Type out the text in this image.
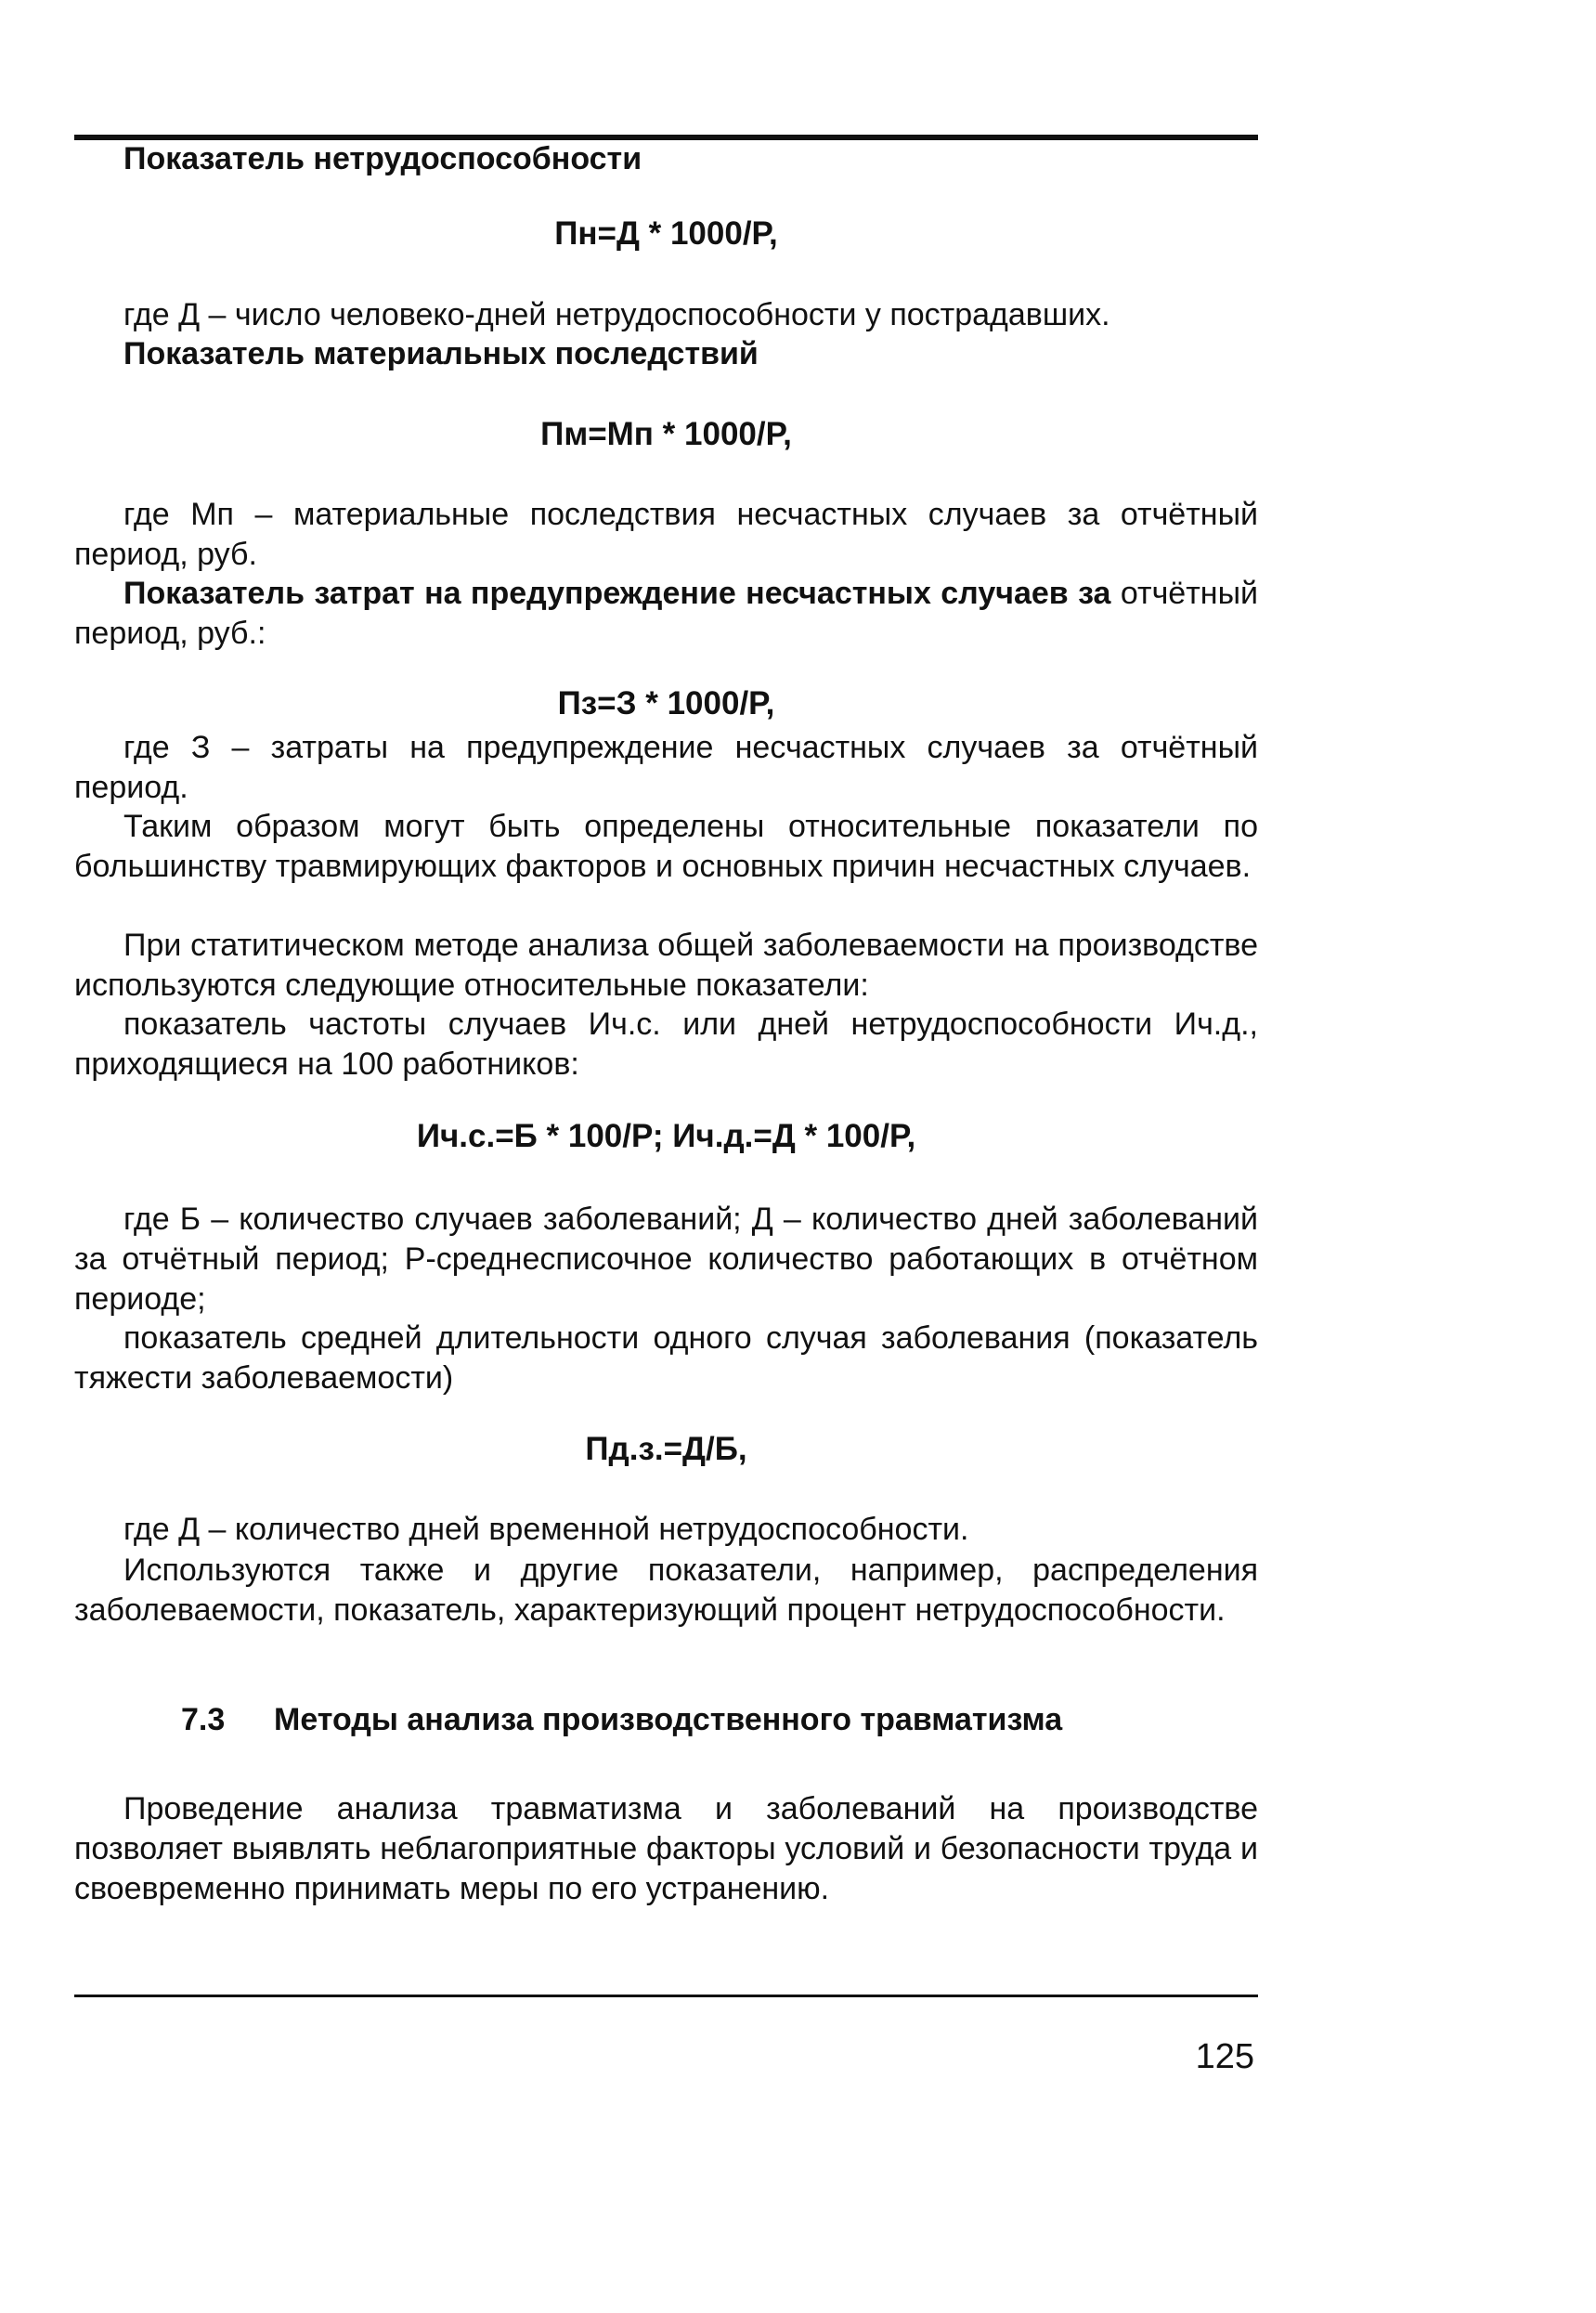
Показатель нетрудоспособности

Пн=Д * 1000/Р,

где Д – число человеко-дней нетрудоспособности у пострадавших.

Показатель материальных последствий

Пм=Мп * 1000/Р,

где Мп – материальные последствия несчастных случаев за отчётный период, руб.

Показатель затрат на предупреждение несчастных случаев за отчётный период, руб.:

Пз=З * 1000/Р,

где З – затраты на предупреждение несчастных случаев за отчётный период.

Таким образом могут быть определены относительные показатели по большинству травмирующих факторов и основных причин несчастных случаев.

При статитическом методе анализа общей заболеваемости на производстве используются следующие относительные показатели:

показатель частоты случаев Ич.с. или дней нетрудоспособности Ич.д., приходящиеся на 100 работников:

Ич.с.=Б * 100/Р; Ич.д.=Д * 100/Р,

где Б – количество случаев заболеваний; Д – количество дней заболеваний за отчётный период; Р-среднесписочное количество работающих в отчётном периоде;

показатель средней длительности одного случая заболевания (показатель тяжести заболеваемости)

Пд.з.=Д/Б,

где Д – количество дней временной нетрудоспособности.

Используются также и другие показатели, например, распределения заболеваемости, показатель, характеризующий процент нетрудоспособности.

7.3 Методы анализа производственного травматизма

Проведение анализа травматизма и заболеваний на производстве позволяет выявлять неблагоприятные факторы условий и безопасности труда и своевременно принимать меры по его устранению.

125
